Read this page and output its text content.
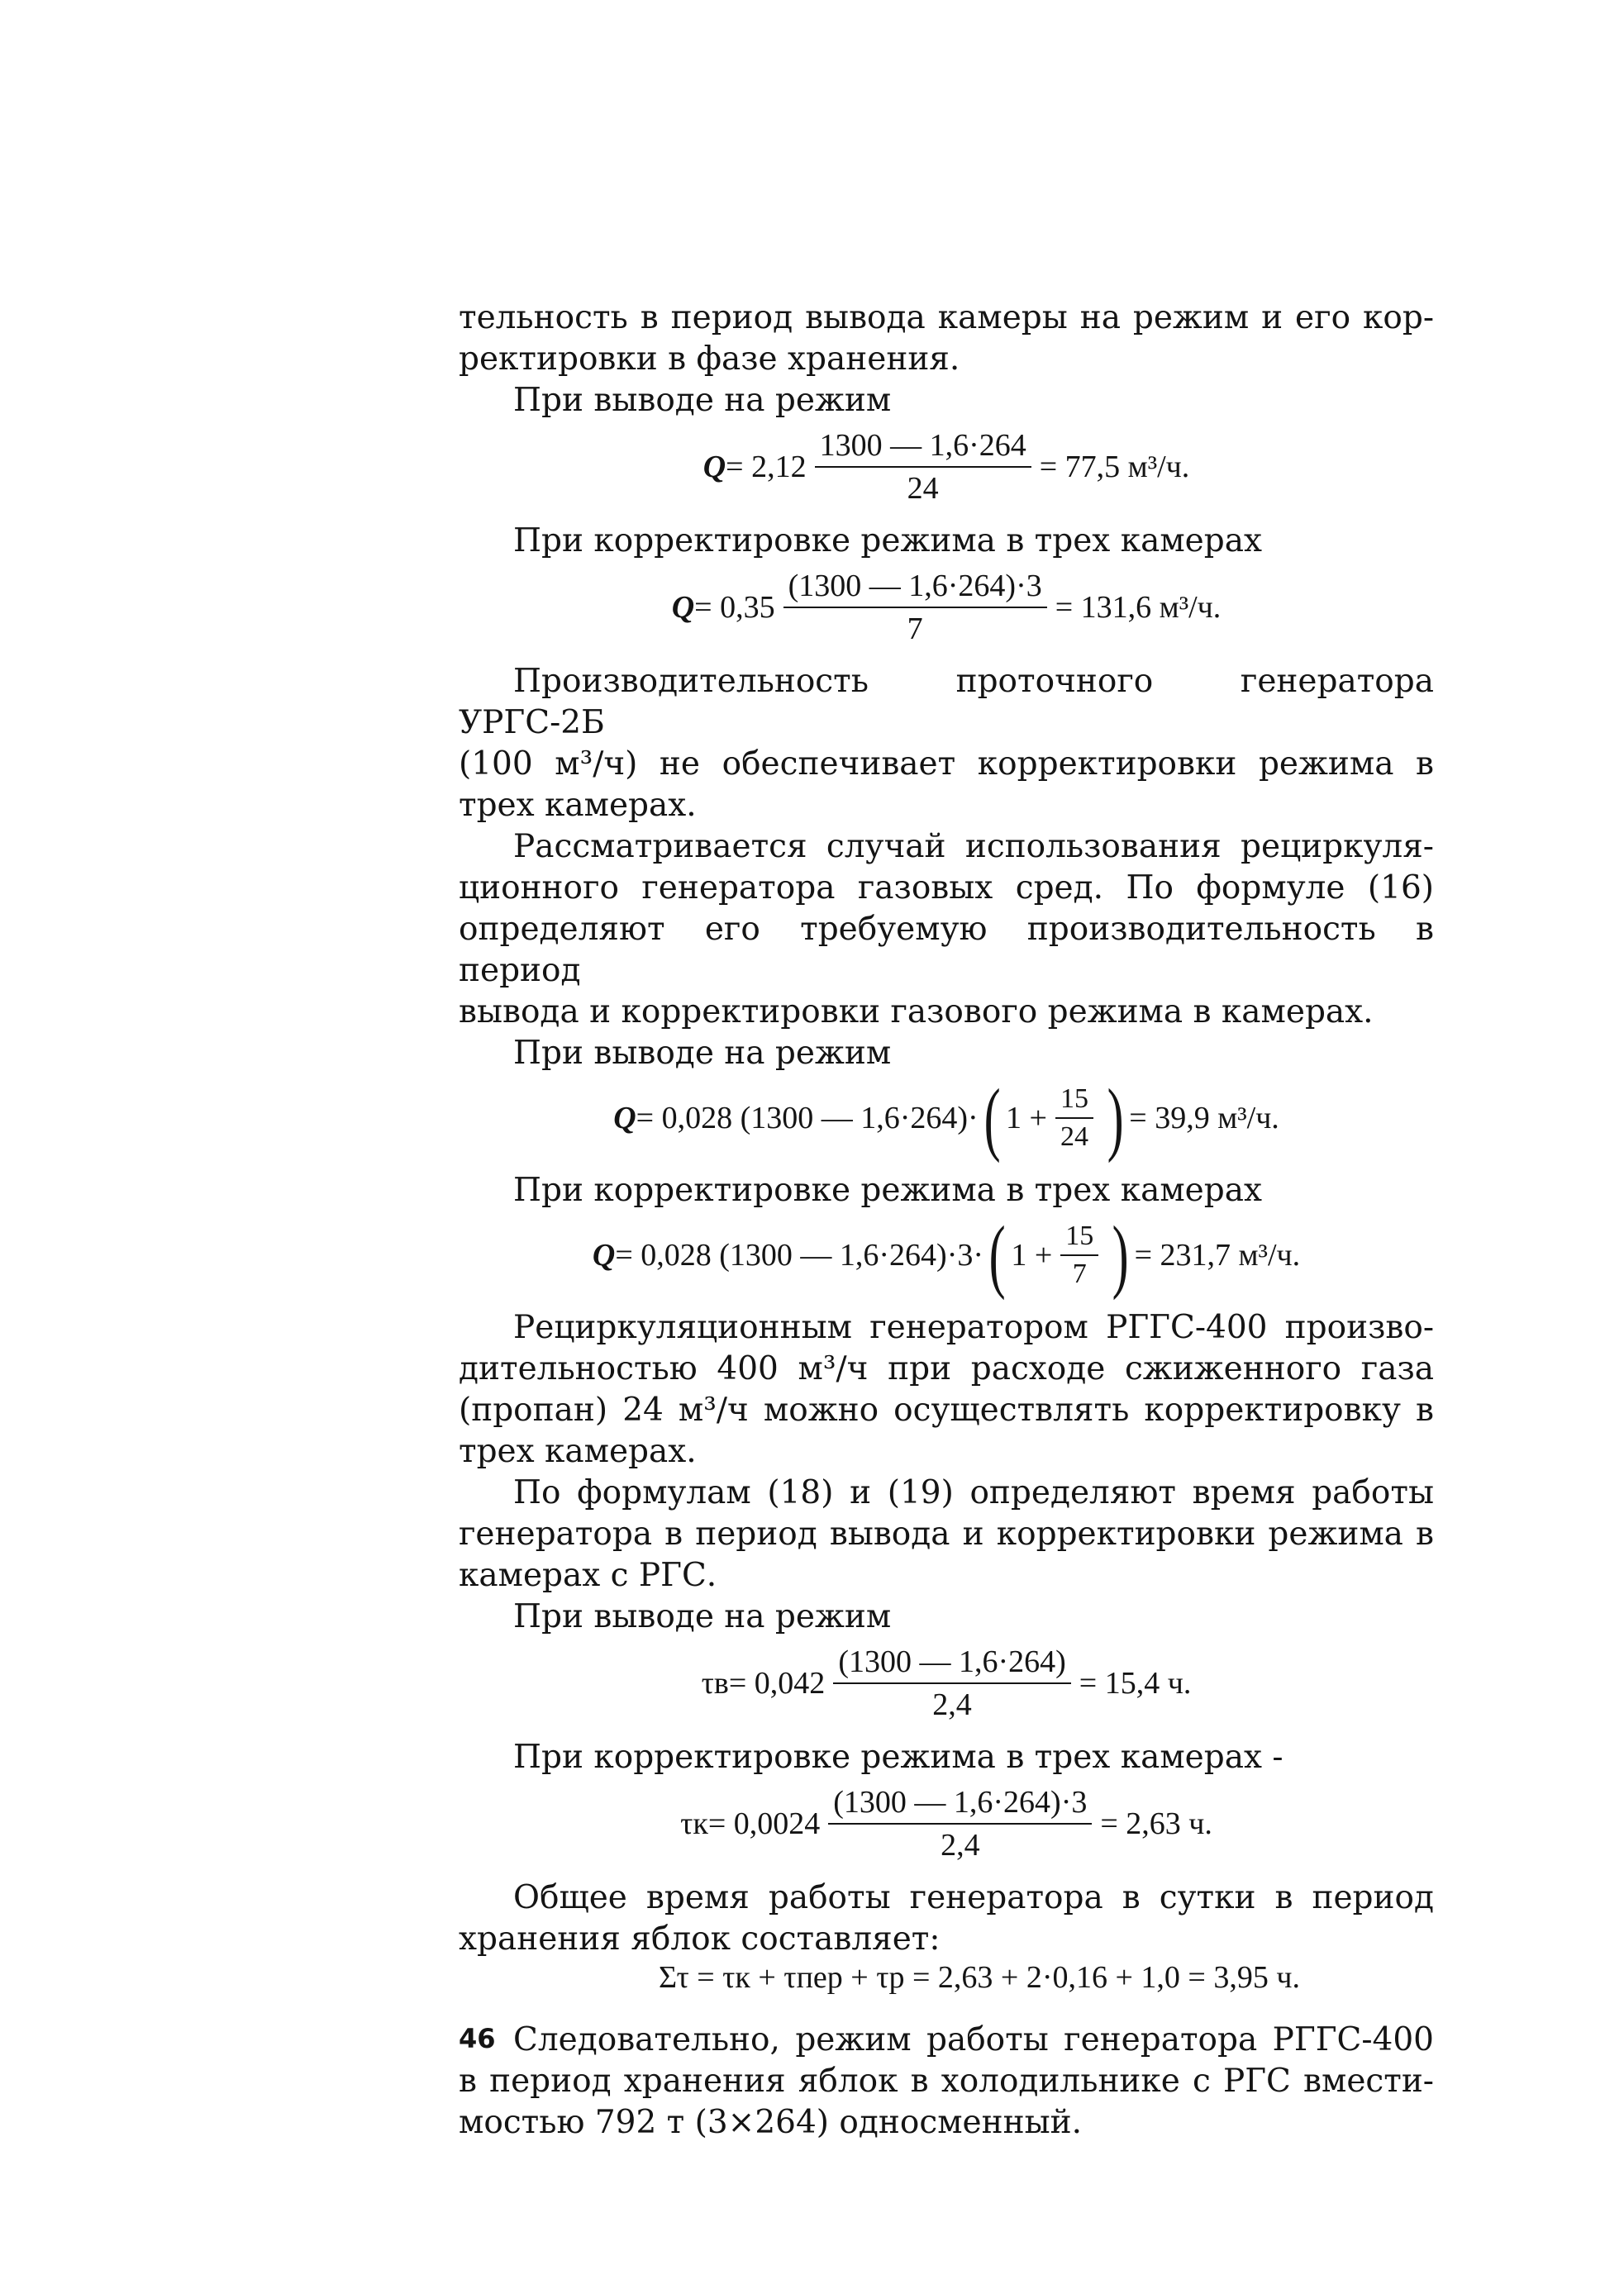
тельность в период вывода камеры на режим и его кор-

ректировки в фазе хранения.

При выводе на режим

$Q = 2,12 \frac{1300 — 1,6\cdot 264}{24} = 77,5$ м³/ч.

При корректировке режима в трех камерах

$Q = 0,35 \frac{(1300 — 1,6\cdot 264)\cdot 3}{7} = 131,6$ м³/ч.

Производительность проточного генератора УРГС-2Б

(100 м³/ч) не обеспечивает корректировки режима в

трех камерах.

Рассматривается случай использования рециркуля-

ционного генератора газовых сред. По формуле (16)

определяют его требуемую производительность в период

вывода и корректировки газового режима в камерах.

При выводе на режим

Q = 0,028 (1300 — 1,6·264)· ( $1 + \frac{15}{24}$ ) = 39,9 м³/ч.

При корректировке режима в трех камерах

Q = 0,028 (1300 — 1,6·264)·3· ( $1 + \frac{15}{7}$ ) = 231,7 м³/ч.

Рециркуляционным генератором РГГС-400 произво-

дительностью 400 м³/ч при расходе сжиженного газа

(пропан) 24 м³/ч можно осуществлять корректировку в

трех камерах.

По формулам (18) и (19) определяют время работы

генератора в период вывода и корректировки режима в

камерах с РГС.

При выводе на режим

$\tau в = 0,042 \frac{(1300 — 1,6\cdot 264)}{2,4} = 15,4$ ч.

При корректировке режима в трех камерах -

$\tau к = 0,0024 \frac{(1300 — 1,6\cdot 264)\cdot 3}{2,4} = 2,63$ ч.

Общее время работы генератора в сутки в период

хранения яблок составляет:

Στ = τк + τпер + τр = 2,63 + 2·0,16 + 1,0 = 3,95 ч.

Следовательно, режим работы генератора РГГС-400

в период хранения яблок в холодильнике с РГС вмести-

мостью 792 т (3×264) односменный.

46
